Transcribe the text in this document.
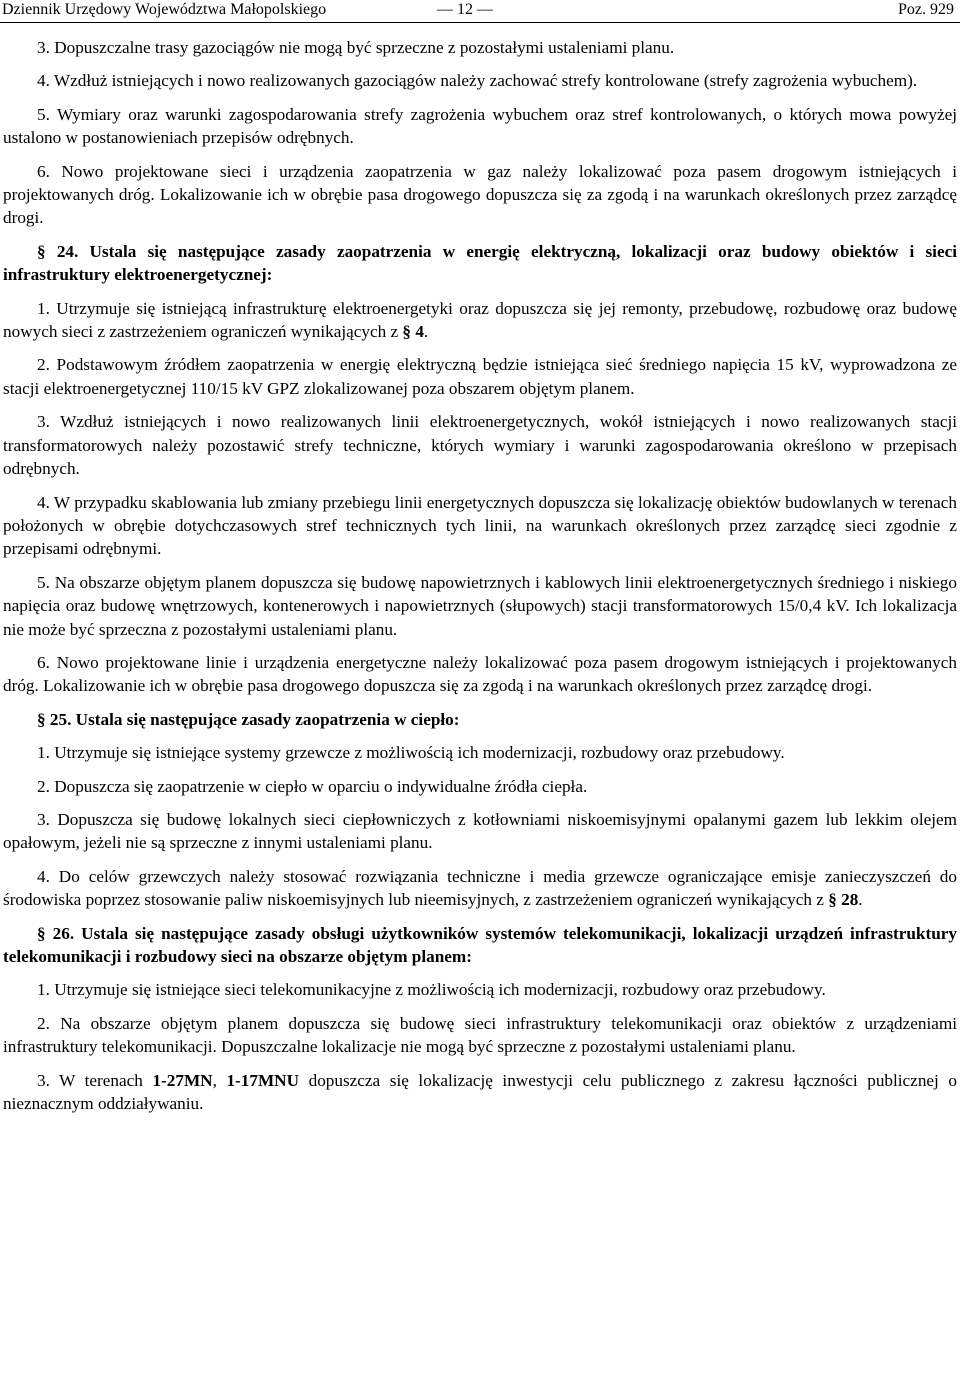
Dziennik Urzędowy Województwa Małopolskiego	— 12 —	Poz. 929

3. Dopuszczalne trasy gazociągów nie mogą być sprzeczne z pozostałymi ustaleniami planu.

4. Wzdłuż istniejących i nowo realizowanych gazociągów należy zachować strefy kontrolowane (strefy zagrożenia wybuchem).

5. Wymiary oraz warunki zagospodarowania strefy zagrożenia wybuchem oraz stref kontrolowanych, o których mowa powyżej ustalono w postanowieniach przepisów odrębnych.

6. Nowo projektowane sieci i urządzenia zaopatrzenia w gaz należy lokalizować poza pasem drogowym istniejących i projektowanych dróg. Lokalizowanie ich w obrębie pasa drogowego dopuszcza się za zgodą i na warunkach określonych przez zarządcę drogi.

§ 24. Ustala się następujące zasady zaopatrzenia w energię elektryczną, lokalizacji oraz budowy obiektów i sieci infrastruktury elektroenergetycznej:

1. Utrzymuje się istniejącą infrastrukturę elektroenergetyki oraz dopuszcza się jej remonty, przebudowę, rozbudowę oraz budowę nowych sieci z zastrzeżeniem ograniczeń wynikających z § 4.

2. Podstawowym źródłem zaopatrzenia w energię elektryczną będzie istniejąca sieć średniego napięcia 15 kV, wyprowadzona ze stacji elektroenergetycznej 110/15 kV GPZ zlokalizowanej poza obszarem objętym planem.

3. Wzdłuż istniejących i nowo realizowanych linii elektroenergetycznych, wokół istniejących i nowo realizowanych stacji transformatorowych należy pozostawić strefy techniczne, których wymiary i warunki zagospodarowania określono w przepisach odrębnych.

4. W przypadku skablowania lub zmiany przebiegu linii energetycznych dopuszcza się lokalizację obiektów budowlanych w terenach położonych w obrębie dotychczasowych stref technicznych tych linii, na warunkach określonych przez zarządcę sieci zgodnie z przepisami odrębnymi.

5. Na obszarze objętym planem dopuszcza się budowę napowietrznych i kablowych linii elektroenergetycznych średniego i niskiego napięcia oraz budowę wnętrzowych, kontenerowych i napowietrznych (słupowych) stacji transformatorowych 15/0,4 kV. Ich lokalizacja nie może być sprzeczna z pozostałymi ustaleniami planu.

6. Nowo projektowane linie i urządzenia energetyczne należy lokalizować poza pasem drogowym istniejących i projektowanych dróg. Lokalizowanie ich w obrębie pasa drogowego dopuszcza się za zgodą i na warunkach określonych przez zarządcę drogi.

§ 25. Ustala się następujące zasady zaopatrzenia w ciepło:

1. Utrzymuje się istniejące systemy grzewcze z możliwością ich modernizacji, rozbudowy oraz przebudowy.

2. Dopuszcza się zaopatrzenie w ciepło w oparciu o indywidualne źródła ciepła.

3. Dopuszcza się budowę lokalnych sieci ciepłowniczych z kotłowniami niskoemisyjnymi opalanymi gazem lub lekkim olejem opałowym, jeżeli nie są sprzeczne z innymi ustaleniami planu.

4. Do celów grzewczych należy stosować rozwiązania techniczne i media grzewcze ograniczające emisje zanieczyszczeń do środowiska poprzez stosowanie paliw niskoemisyjnych lub nieemisyjnych, z zastrzeżeniem ograniczeń wynikających z § 28.

§ 26. Ustala się następujące zasady obsługi użytkowników systemów telekomunikacji, lokalizacji urządzeń infrastruktury telekomunikacji i rozbudowy sieci na obszarze objętym planem:

1. Utrzymuje się istniejące sieci telekomunikacyjne z możliwością ich modernizacji, rozbudowy oraz przebudowy.

2. Na obszarze objętym planem dopuszcza się budowę sieci infrastruktury telekomunikacji oraz obiektów z urządzeniami infrastruktury telekomunikacji. Dopuszczalne lokalizacje nie mogą być sprzeczne z pozostałymi ustaleniami planu.

3. W terenach 1-27MN, 1-17MNU dopuszcza się lokalizację inwestycji celu publicznego z zakresu łączności publicznej o nieznacznym oddziaływaniu.
